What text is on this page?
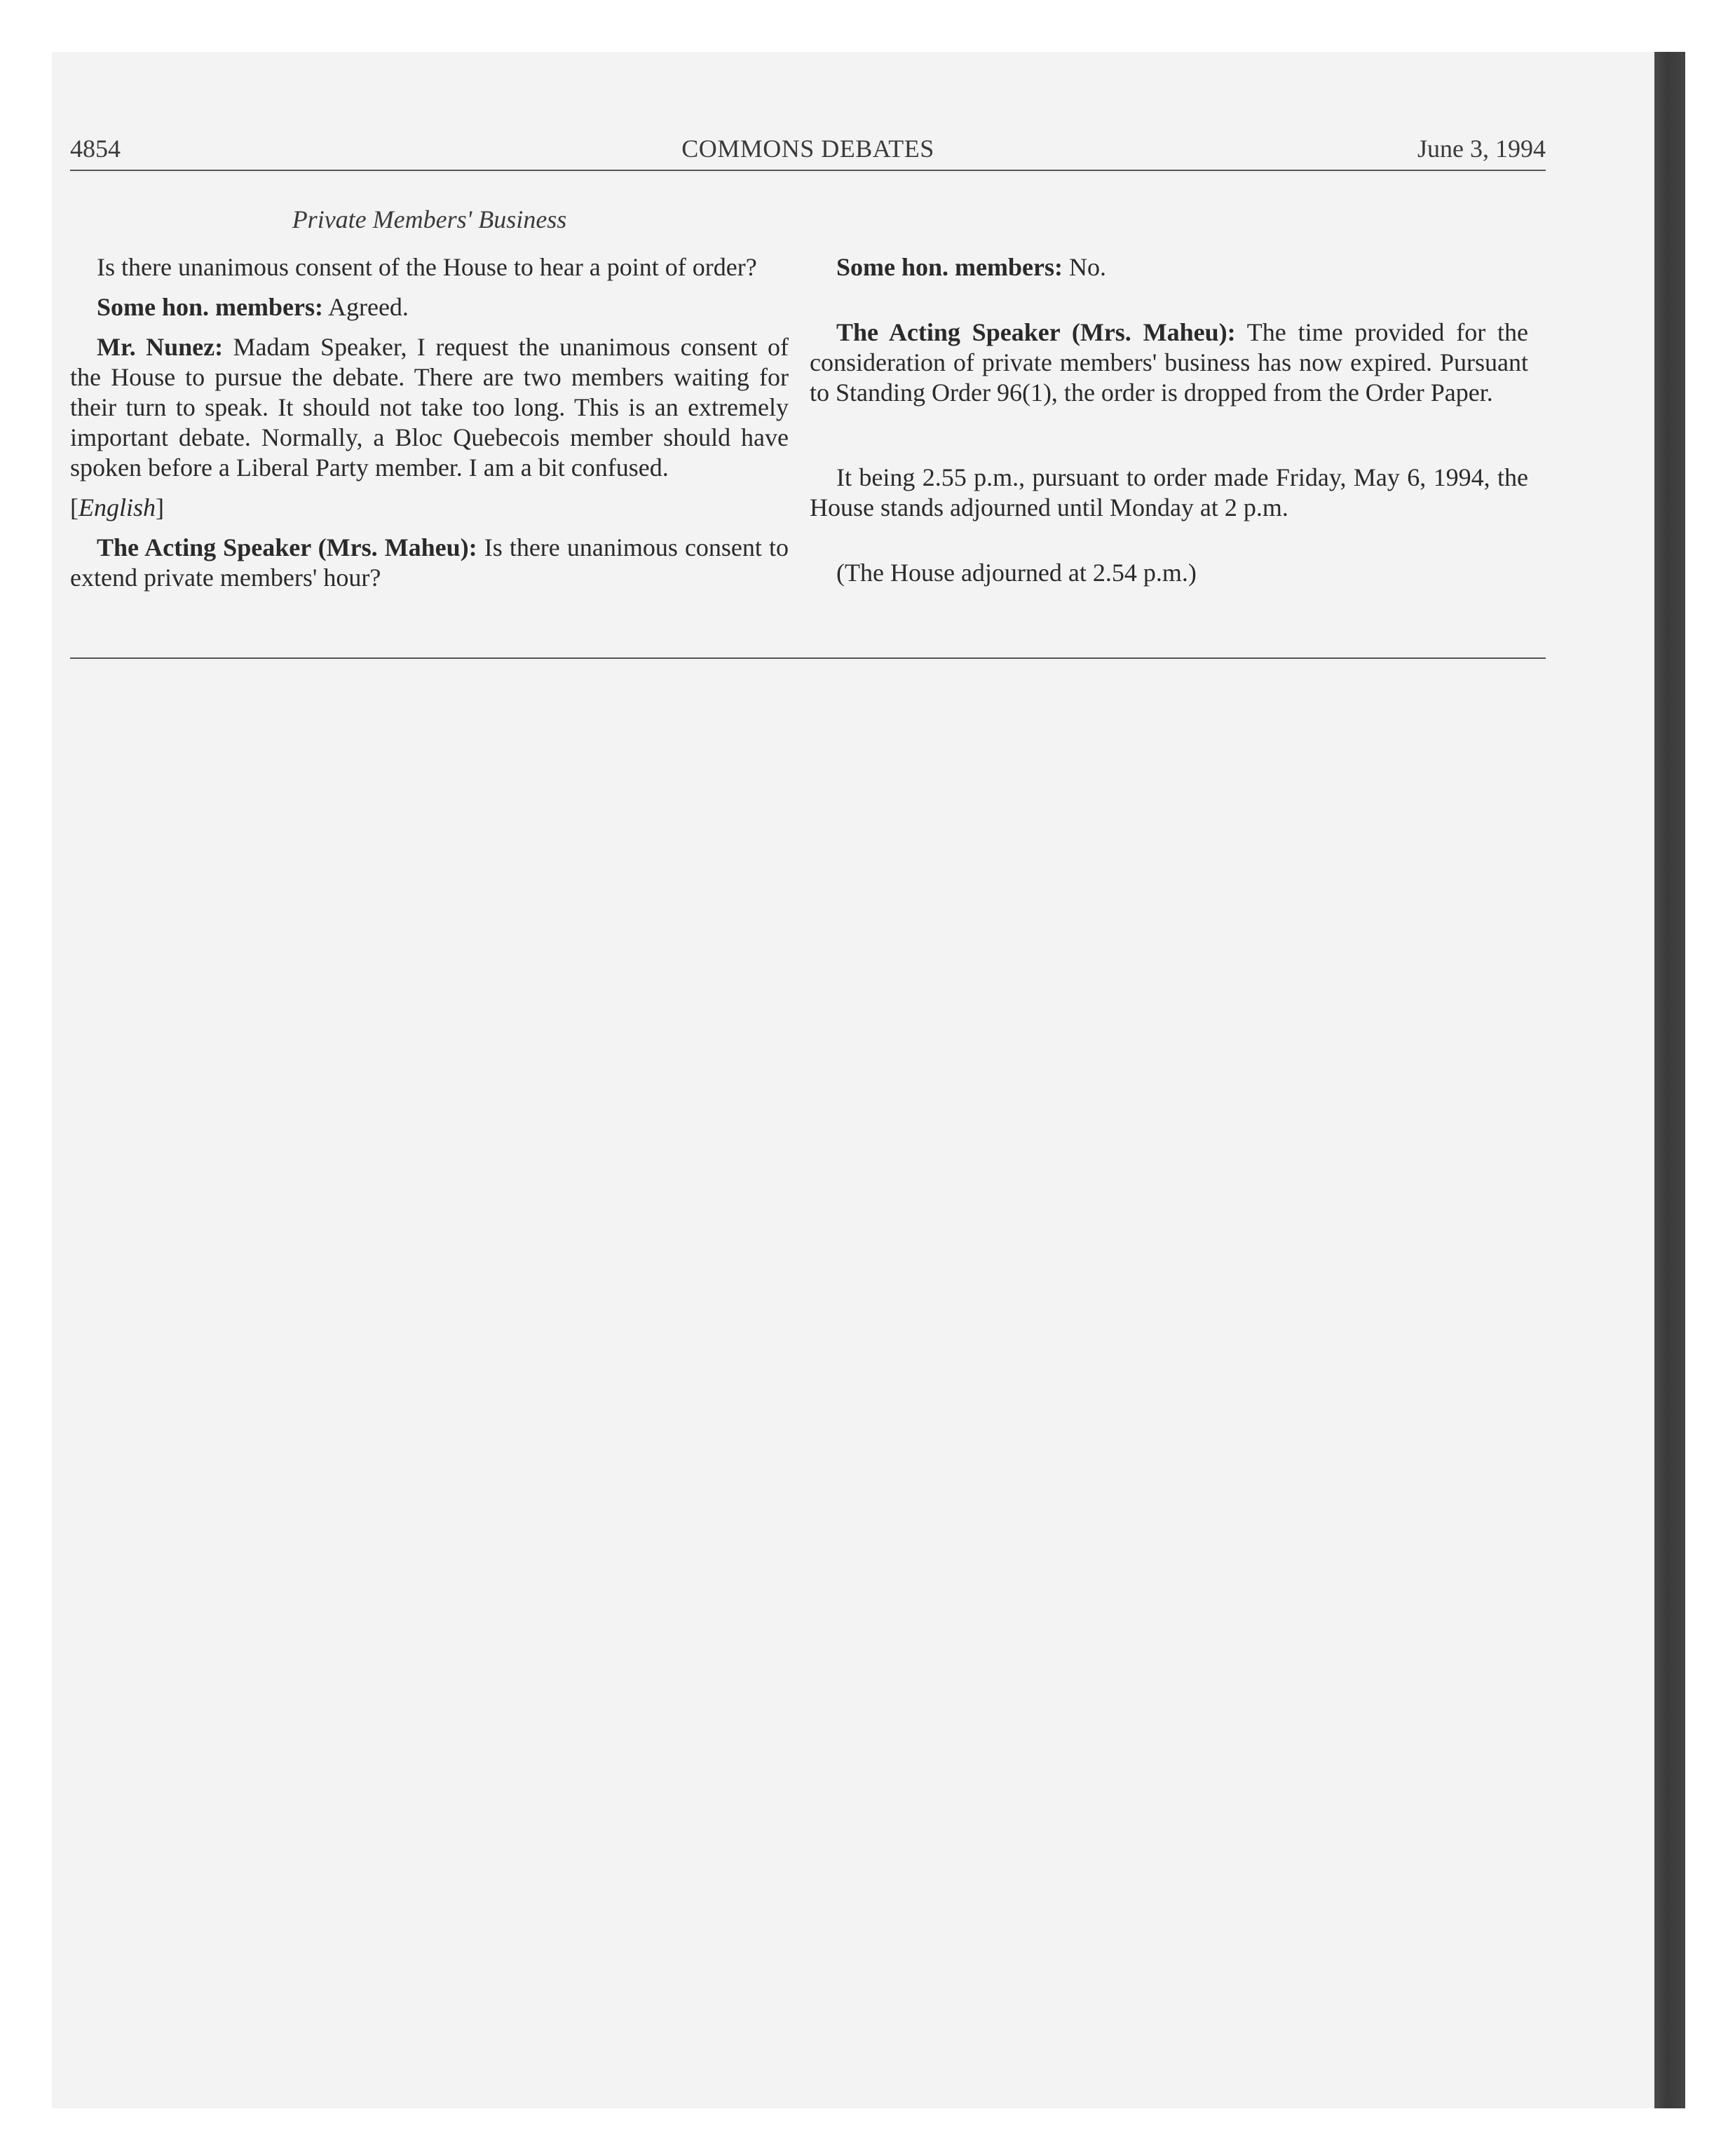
4854	COMMONS DEBATES	June 3, 1994
Private Members' Business

Is there unanimous consent of the House to hear a point of order?

Some hon. members: Agreed.

Mr. Nunez: Madam Speaker, I request the unanimous consent of the House to pursue the debate. There are two members waiting for their turn to speak. It should not take too long. This is an extremely important debate. Normally, a Bloc Quebecois member should have spoken before a Liberal Party member. I am a bit confused.

[English]

The Acting Speaker (Mrs. Maheu): Is there unanimous consent to extend private members' hour?

Some hon. members: No.

The Acting Speaker (Mrs. Maheu): The time provided for the consideration of private members' business has now expired. Pursuant to Standing Order 96(1), the order is dropped from the Order Paper.

It being 2.55 p.m., pursuant to order made Friday, May 6, 1994, the House stands adjourned until Monday at 2 p.m.

(The House adjourned at 2.54 p.m.)
